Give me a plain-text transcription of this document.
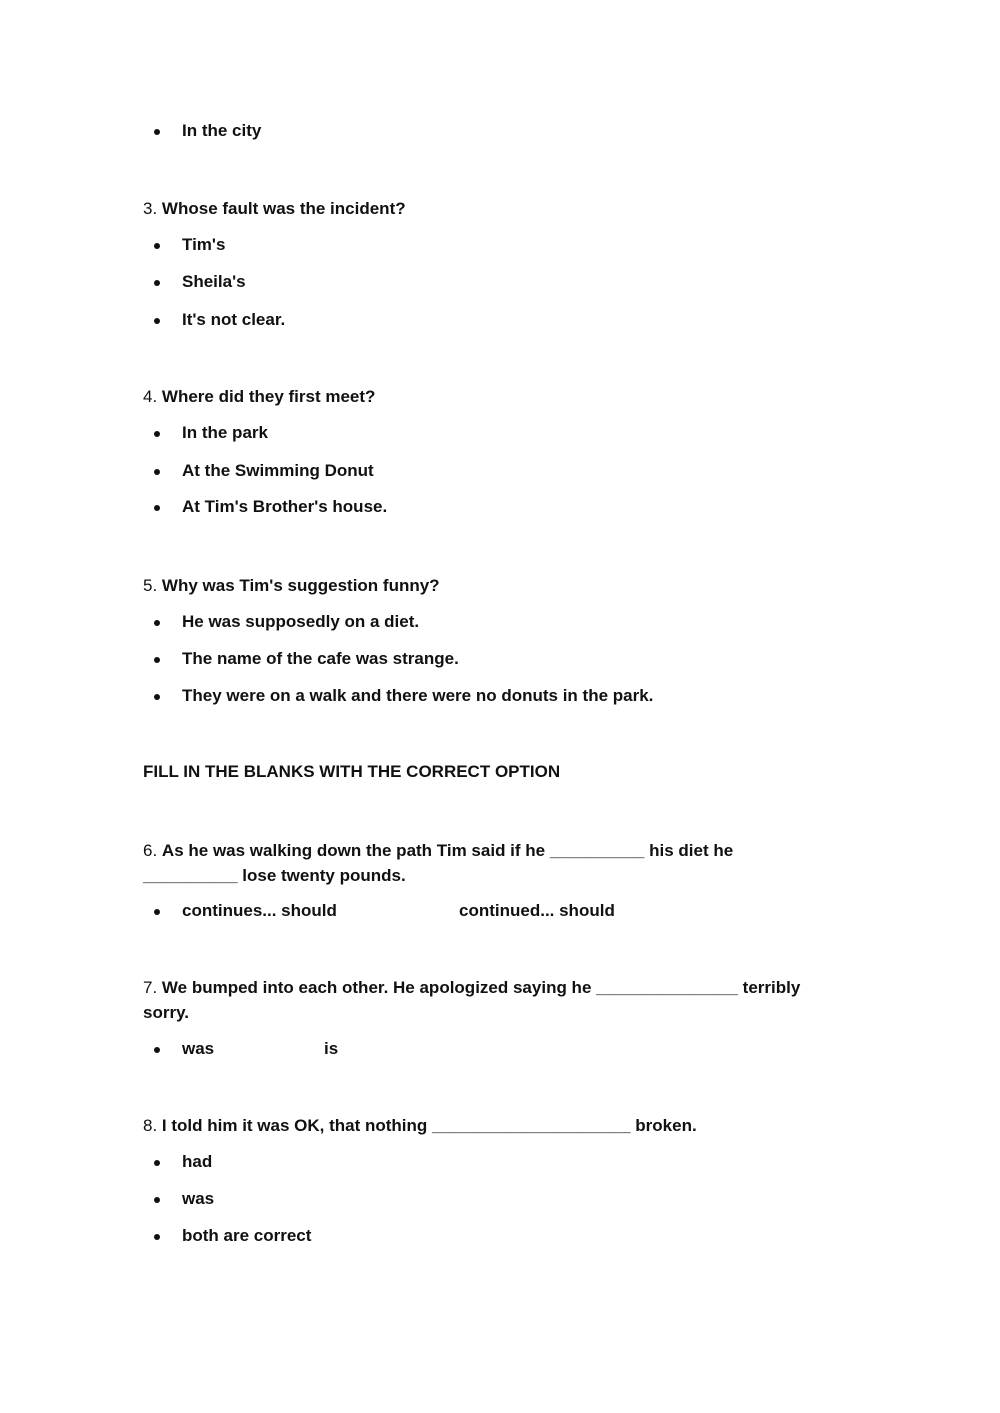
In the city
3. Whose fault was the incident?
Tim's
Sheila's
It's not clear.
4. Where did they first meet?
In the park
At the Swimming Donut
At Tim's Brother's house.
5. Why was Tim's suggestion funny?
He was supposedly on a diet.
The name of the cafe was strange.
They were on a walk and there were no donuts in the park.
FILL IN THE BLANKS WITH THE CORRECT OPTION
6. As he was walking down the path Tim said if he __________ his diet he
__________ lose twenty pounds.
continues... should	continued... should
7. We bumped into each other. He apologized saying he _______________ terribly
sorry.
was	is
8. I told him it was OK, that nothing _____________________ broken.
had
was
both are correct
